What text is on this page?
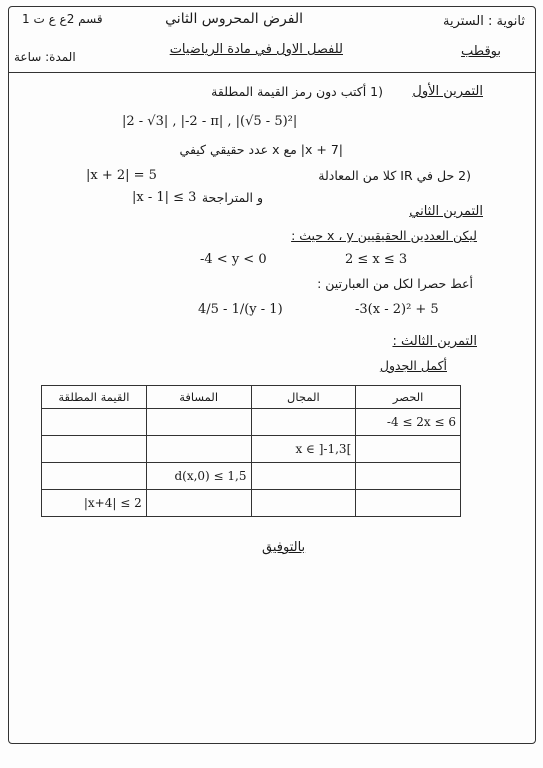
ثانوية : السترية
بوقطب
الفرض المحروس الثاني
للفصل الاول في مادة الرياضيات
قسم 2ع ع ت 1
المدة: ساعة
التمرين الأول
(1 أكتب دون رمز القيمة المطلقة
|2 - √3| , |-2 - π| , |(√5 - 5)²|
|x + 7| مع x عدد حقيقي كيفي
(2 حل في IR كلا من المعادلة
|x + 2| = 5
و المتراجحة
|x - 1| ≤ 3
التمرين الثاني
ليكن العددين الحقيقيين x ، y حيث :
2 ≤ x ≤ 3
-4 < y < 0
أعط حصرا لكل من العبارتين :
-3(x - 2)² + 5
4/5 - 1/(y - 1)
التمرين الثالث :
أكمل الجدول
الحصر	المجال	المسافة	القيمة المطلقة
-4 ≤ 2x ≤ 6			
	x ∈ ]-1,3[		
		d(x,0) ≤ 1,5	
			|x+4| ≤ 2
بالتوفيق
